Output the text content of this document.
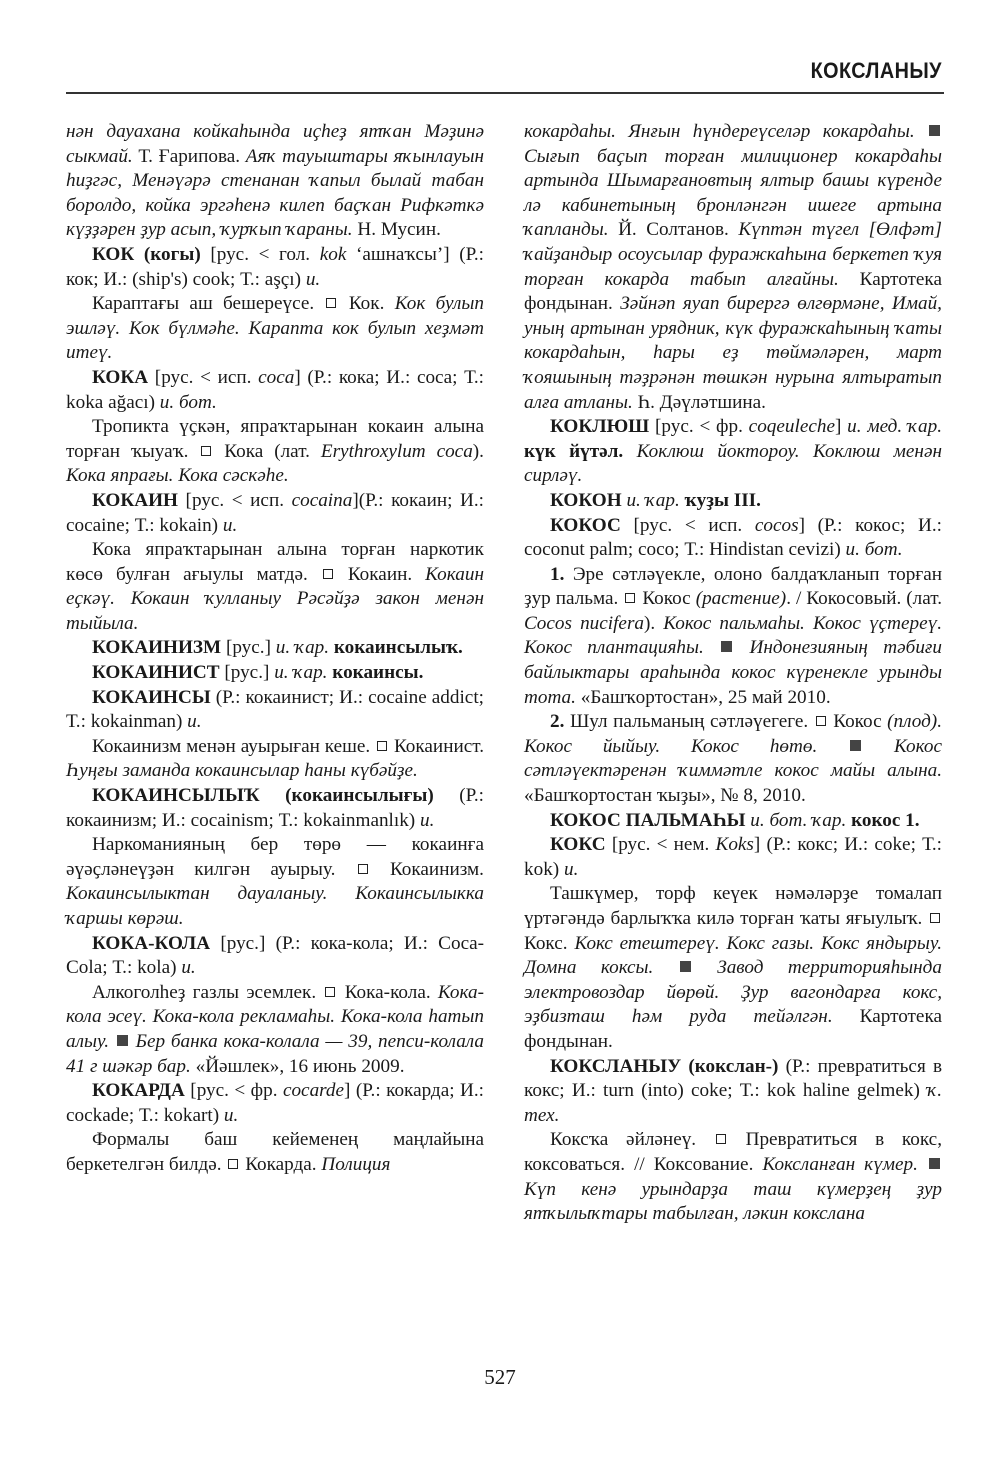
КОКСЛАНЫУ

нән дауахана койкаһында иҫһеҙ ятҡан Мәҙинә сыкмай. Т. Ғарипова. Аяҡ тауыштары яҡынлауын һиҙгәс, Менәүәрә стенанан ҡапыл былай табан боролдо, койка эргәһенә килеп баҫҡан Рифкәткә күҙҙәрен ҙур асып, ҡурҡып ҡараны. Н. Мусин.

КОК (когы) [рус. < гол. kok ‘ашнаҡсы’] (Р.: кок; И.: (ship's) cook; Т.: aşçı) и.

Караптағы аш бешереүсе.  Кок. Кок булып эшләү. Кок бүлмәһе. Карапта кок булып хеҙмәт итеү.

КОКА [рус. < исп. coca] (Р.: кока; И.: coca; Т.: koka ağacı) и. бот.

Тропикта үҫкән, япраҡтарынан кокаин алына торған ҡыуаҡ.  Кока (лат. Erythroxylum coca). Кока япрағы. Кока сәскәһе.

КОКАИН [рус. < исп. cocaina](Р.: кокаин; И.: cocaine; Т.: kokain) и.

Кока япраҡтарынан алына торған наркотик көсө булған ағыулы матдә.  Кокаин. Кокаин еҫкәү. Кокаин ҡулланыу Рәсәйҙә закон менән тыйыла.

КОКАИНИЗМ [рус.] и. ҡар. кокаинсылыҡ.

КОКАИНИСТ [рус.] и. ҡар. кокаинсы.

КОКАИНСЫ (Р.: кокаинист; И.: cocaine addict; Т.: kokainman) и.

Кокаинизм менән ауырыған кеше.  Кокаинист. Һуңғы заманда кокаинсылар һаны күбәйҙе.

КОКАИНСЫЛЫҠ (кокаинсылығы) (Р.: кокаинизм; И.: cocainism; Т.: kokainmanlık) и.

Наркоманияның бер төрө — кокаинға әүәҫләнеүҙән килгән ауырыу.  Кокаинизм. Кокаинсылыктан дауаланыу. Кокаинсылыкка ҡаршы көрәш.

КОКА-КОЛА [рус.] (Р.: кока-кола; И.: Coca-Cola; Т.: kola) и.

Алкоголһеҙ газлы эсемлек.  Кока-кола. Кока-кола эсеү. Кока-кола рекламаһы. Кока-кола һатып алыу.  Бер банка кока-колала — 39, пепси-колала 41 г шәкәр бар. «Йәшлек», 16 июнь 2009.

КОКАРДА [рус. < фр. cocarde] (Р.: кокарда; И.: cockade; Т.: kokart) и.

Формалы баш кейеменең маңлайына беркетелгән билдә.  Кокарда. Полиция

кокардаһы. Янғын һүндереүселәр кокардаһы.  Сығып баҫып торған милиционер кокардаһы артында Шымарғановтың ялтыр башы күренде лә кабинетының бронләнгән ишеге артына ҡапланды. Й. Солтанов. Күптән түгел [Өлфәт] ҡайҙандыр осоусылар фуражкаһына беркетеп ҡуя торған кокарда табып алғайны. Картотека фондынан. Зәйнәп яуап бирергә өлгөрмәне, Имай, уның артынан урядник, күк фуражкаһының ҡаты кокардаһын, һары еҙ төймәләрен, март ҡояшының тәҙрәнән төшкән нурына ялтыратып алға атланы. Һ. Дәүләтшина.

КОКЛЮШ [рус. < фр. coqeuleche] и. мед. ҡар. күк йүтәл. Коклюш йоктороу. Коклюш менән сирләү.

КОКОН и. ҡар. ҡуҙы III.

КОКОС [рус. < исп. cocos] (Р.: кокос; И.: coconut palm; coco; Т.: Hindistan cevizi) и. бот.

1. Эре сәтләүекле, олоно балдаҡланып торған ҙур пальма.  Кокос (растение). / Кокосовый. (лат. Cocos nucifera). Кокос пальмаһы. Кокос үҫтереү. Кокос плантацияһы.  Индонезияның тәбиғи байлыктары араһында кокос күренекле урынды тота. «Башҡортостан», 25 май 2010.

2. Шул пальманың сәтләүегеге.  Кокос (плод). Кокос йыйыу. Кокос һөтө.  Кокос сәтләүектәренән ҡиммәтле кокос майы алына. «Башҡортостан ҡыҙы», № 8, 2010.

КОКОС ПАЛЬМАҺЫ и. бот. ҡар. кокос 1.

КОКС [рус. < нем. Koks] (Р.: кокс; И.: coke; Т.: kok) и.

Ташкүмер, торф кеүек нәмәләрҙе томалап үртәгәндә барлыҡҡа килә торған ҡаты яғыулыҡ.  Кокс. Кокс етештереү. Кокс газы. Кокс яндырыу. Домна коксы.  Завод территорияһында электровоздар йөрөй. Ҙур вагондарға кокс, эҙбизташ һәм руда тейәлгән. Картотека фондынан.

КОКСЛАНЫУ (кокслан-) (Р.: превратиться в кокс; И.: turn (into) coke; Т.: kok haline gelmek) ҡ. тех.

Коксҡа әйләнеү.  Превратиться в кокс, коксоваться. // Коксование. Коксланған күмер.  Күп кенә урындарҙа таш күмерҙең ҙур ятҡылыҡтары табылған, ләкин кокслана

527
